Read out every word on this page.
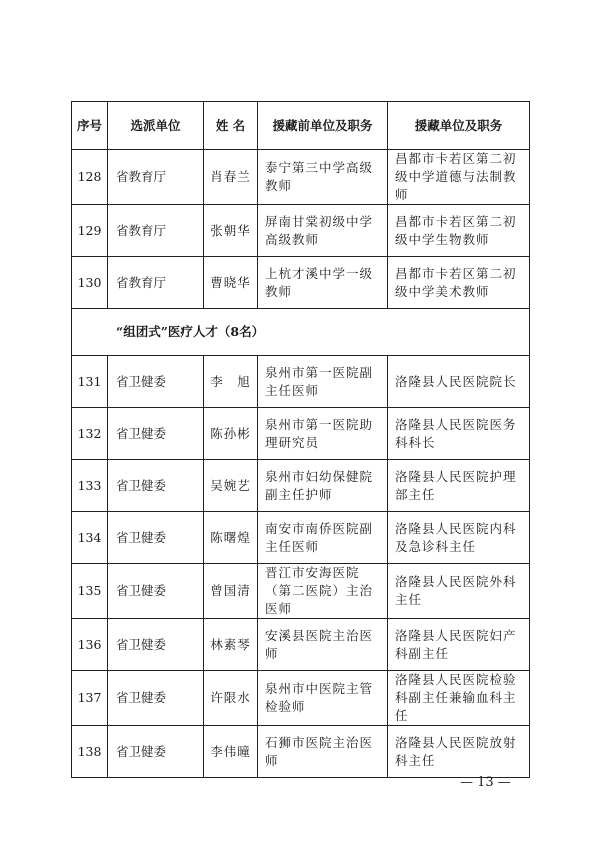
序号	选派单位	姓 名	援藏前单位及职务	援藏单位及职务
128	省教育厅	肖春兰	泰宁第三中学高级教师	昌都市卡若区第二初级中学道德与法制教师
129	省教育厅	张朝华	屏南甘棠初级中学高级教师	昌都市卡若区第二初级中学生物教师
130	省教育厅	曹晓华	上杭才溪中学一级教师	昌都市卡若区第二初级中学美术教师
“组团式”医疗人才（8名）				
131	省卫健委	李　旭	泉州市第一医院副主任医师	洛隆县人民医院院长
132	省卫健委	陈孙彬	泉州市第一医院助理研究员	洛隆县人民医院医务科科长
133	省卫健委	吴婉艺	泉州市妇幼保健院副主任护师	洛隆县人民医院护理部主任
134	省卫健委	陈曙煌	南安市南侨医院副主任医师	洛隆县人民医院内科及急诊科主任
135	省卫健委	曾国清	晋江市安海医院（第二医院）主治医师	洛隆县人民医院外科主任
136	省卫健委	林素琴	安溪县医院主治医师	洛隆县人民医院妇产科副主任
137	省卫健委	许限水	泉州市中医院主管检验师	洛隆县人民医院检验科副主任兼输血科主任
138	省卫健委	李伟曈	石狮市医院主治医师	洛隆县人民医院放射科主任
— 13 —
